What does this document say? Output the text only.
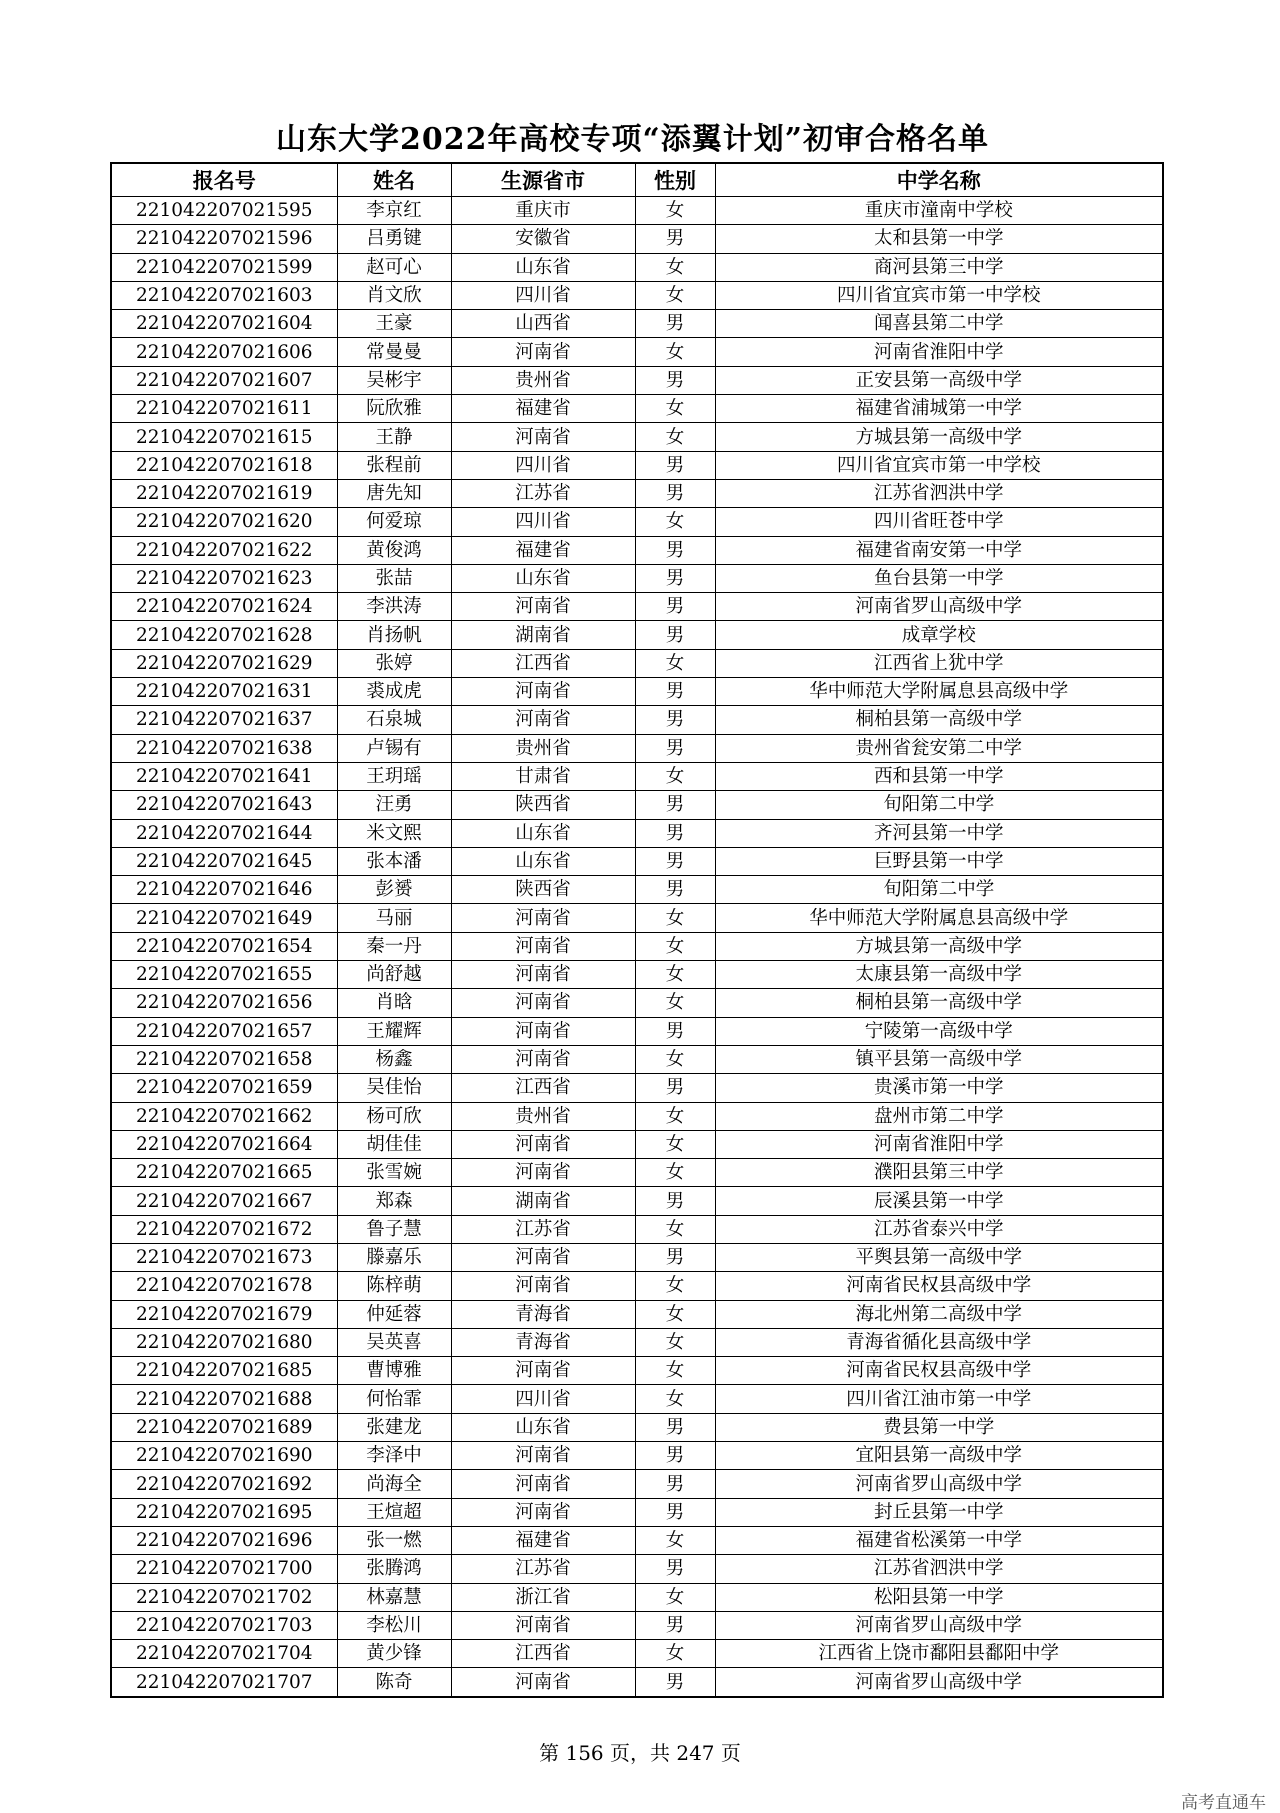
山东大学2022年高校专项“添翼计划”初审合格名单
报名号	姓名	生源省市	性别	中学名称
221042207021595	李京红	重庆市	女	重庆市潼南中学校
221042207021596	吕勇键	安徽省	男	太和县第一中学
221042207021599	赵可心	山东省	女	商河县第三中学
221042207021603	肖文欣	四川省	女	四川省宜宾市第一中学校
221042207021604	王豪	山西省	男	闻喜县第二中学
221042207021606	常曼曼	河南省	女	河南省淮阳中学
221042207021607	吴彬宇	贵州省	男	正安县第一高级中学
221042207021611	阮欣雅	福建省	女	福建省浦城第一中学
221042207021615	王静	河南省	女	方城县第一高级中学
221042207021618	张程前	四川省	男	四川省宜宾市第一中学校
221042207021619	唐先知	江苏省	男	江苏省泗洪中学
221042207021620	何爱琼	四川省	女	四川省旺苍中学
221042207021622	黄俊鸿	福建省	男	福建省南安第一中学
221042207021623	张喆	山东省	男	鱼台县第一中学
221042207021624	李洪涛	河南省	男	河南省罗山高级中学
221042207021628	肖扬帆	湖南省	男	成章学校
221042207021629	张婷	江西省	女	江西省上犹中学
221042207021631	裘成虎	河南省	男	华中师范大学附属息县高级中学
221042207021637	石泉城	河南省	男	桐柏县第一高级中学
221042207021638	卢锡有	贵州省	男	贵州省瓮安第二中学
221042207021641	王玥瑶	甘肃省	女	西和县第一中学
221042207021643	汪勇	陕西省	男	旬阳第二中学
221042207021644	米文熙	山东省	男	齐河县第一中学
221042207021645	张本潘	山东省	男	巨野县第一中学
221042207021646	彭赟	陕西省	男	旬阳第二中学
221042207021649	马丽	河南省	女	华中师范大学附属息县高级中学
221042207021654	秦一丹	河南省	女	方城县第一高级中学
221042207021655	尚舒越	河南省	女	太康县第一高级中学
221042207021656	肖晗	河南省	女	桐柏县第一高级中学
221042207021657	王耀辉	河南省	男	宁陵第一高级中学
221042207021658	杨鑫	河南省	女	镇平县第一高级中学
221042207021659	吴佳怡	江西省	男	贵溪市第一中学
221042207021662	杨可欣	贵州省	女	盘州市第二中学
221042207021664	胡佳佳	河南省	女	河南省淮阳中学
221042207021665	张雪婉	河南省	女	濮阳县第三中学
221042207021667	郑森	湖南省	男	辰溪县第一中学
221042207021672	鲁子慧	江苏省	女	江苏省泰兴中学
221042207021673	滕嘉乐	河南省	男	平舆县第一高级中学
221042207021678	陈梓萌	河南省	女	河南省民权县高级中学
221042207021679	仲延蓉	青海省	女	海北州第二高级中学
221042207021680	吴英喜	青海省	女	青海省循化县高级中学
221042207021685	曹博雅	河南省	女	河南省民权县高级中学
221042207021688	何怡霏	四川省	女	四川省江油市第一中学
221042207021689	张建龙	山东省	男	费县第一中学
221042207021690	李泽中	河南省	男	宜阳县第一高级中学
221042207021692	尚海全	河南省	男	河南省罗山高级中学
221042207021695	王煊超	河南省	男	封丘县第一中学
221042207021696	张一燃	福建省	女	福建省松溪第一中学
221042207021700	张腾鸿	江苏省	男	江苏省泗洪中学
221042207021702	林嘉慧	浙江省	女	松阳县第一中学
221042207021703	李松川	河南省	男	河南省罗山高级中学
221042207021704	黄少锋	江西省	女	江西省上饶市鄱阳县鄱阳中学
221042207021707	陈奇	河南省	男	河南省罗山高级中学
第 156 页，共 247 页
高考直通车
